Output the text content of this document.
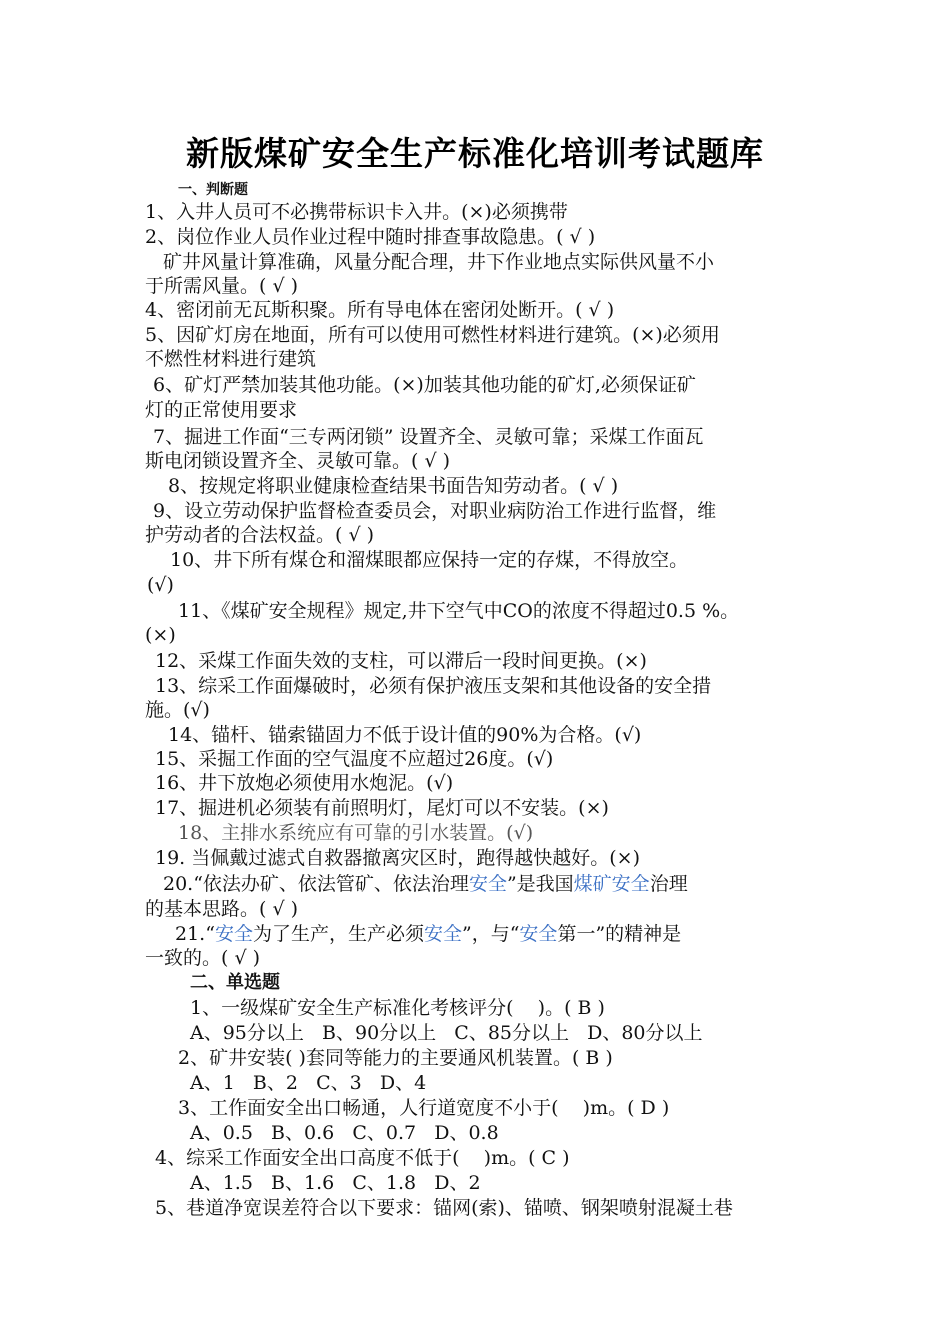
新版煤矿安全生产标准化培训考试题库
一、判断题
1、入井人员可不必携带标识卡入井。(×)必须携带
2、岗位作业人员作业过程中随时排查事故隐患。( √ )
矿井风量计算准确，风量分配合理，井下作业地点实际供风量不小
于所需风量。( √ )
4、密闭前无瓦斯积聚。所有导电体在密闭处断开。( √ )
5、因矿灯房在地面，所有可以使用可燃性材料进行建筑。(×)必须用
不燃性材料进行建筑
6、矿灯严禁加装其他功能。(×)加装其他功能的矿灯,必须保证矿
灯的正常使用要求
7、掘进工作面“三专两闭锁” 设置齐全、灵敏可靠；采煤工作面瓦
斯电闭锁设置齐全、灵敏可靠。( √ )
8、按规定将职业健康检查结果书面告知劳动者。( √ )
9、设立劳动保护监督检查委员会，对职业病防治工作进行监督，维
护劳动者的合法权益。( √ )
10、井下所有煤仓和溜煤眼都应保持一定的存煤，不得放空。
(√)
11、《煤矿安全规程》规定,井下空气中CO的浓度不得超过0.5 %。
(×)
12、采煤工作面失效的支柱，可以滞后一段时间更换。(×)
13、综采工作面爆破时，必须有保护液压支架和其他设备的安全措
施。(√)
14、锚杆、锚索锚固力不低于设计值的90%为合格。(√)
15、采掘工作面的空气温度不应超过26度。(√)
16、井下放炮必须使用水炮泥。(√)
17、掘进机必须装有前照明灯，尾灯可以不安装。(×)
18、主排水系统应有可靠的引水装置。(√)
19. 当佩戴过滤式自救器撤离灾区时，跑得越快越好。(×)
20.“依法办矿、依法管矿、依法治理安全”是我国煤矿安全治理
的基本思路。( √ )
21.“安全为了生产，生产必须安全”，与“安全第一”的精神是
一致的。( √ )
二、单选题
1、一级煤矿安全生产标准化考核评分(    )。( B )
A、95分以上   B、90分以上   C、85分以上   D、80分以上
2、矿井安装( )套同等能力的主要通风机装置。( B )
A、1   B、2   C、3   D、4
3、工作面安全出口畅通，人行道宽度不小于(    )m。( D )
A、0.5   B、0.6   C、0.7   D、0.8
4、综采工作面安全出口高度不低于(    )m。( C )
A、1.5   B、1.6   C、1.8   D、2
5、巷道净宽误差符合以下要求：锚网(索)、锚喷、钢架喷射混凝土巷
